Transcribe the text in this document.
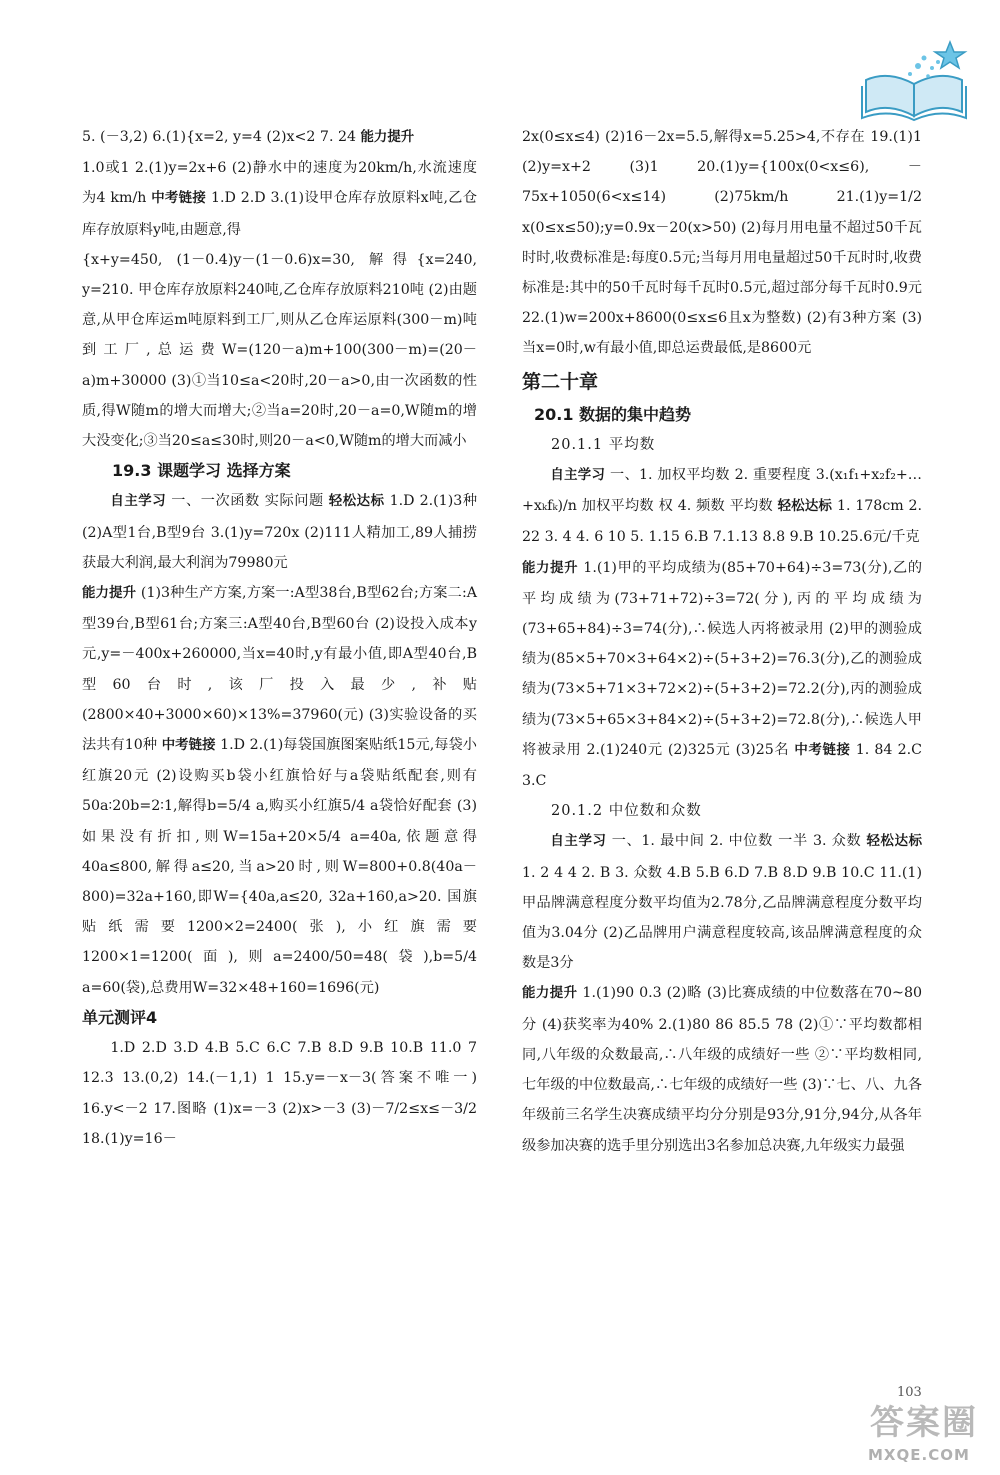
5. (－3,2) 6.(1){x=2, y=4 (2)x<2 7. 24 能力提升

1.0或1 2.(1)y=2x+6 (2)静水中的速度为20km/h,水流速度为4 km/h 中考链接 1.D 2.D 3.(1)设甲仓库存放原料x吨,乙仓库存放原料y吨,由题意,得

{x+y=450, (1－0.4)y－(1－0.6)x=30, 解得{x=240, y=210. 甲仓库存放原料240吨,乙仓库存放原料210吨 (2)由题意,从甲仓库运m吨原料到工厂,则从乙仓库运原料(300－m)吨到工厂,总运费W=(120－a)m+100(300－m)=(20－a)m+30000 (3)①当10≤a<20时,20－a>0,由一次函数的性质,得W随m的增大而增大;②当a=20时,20－a=0,W随m的增大没变化;③当20≤a≤30时,则20－a<0,W随m的增大而减小

19.3 课题学习 选择方案

自主学习 一、一次函数 实际问题 轻松达标 1.D 2.(1)3种 (2)A型1台,B型9台 3.(1)y=720x (2)111人精加工,89人捕捞获最大利润,最大利润为79980元

能力提升 (1)3种生产方案,方案一:A型38台,B型62台;方案二:A型39台,B型61台;方案三:A型40台,B型60台 (2)设投入成本y元,y=－400x+260000,当x=40时,y有最小值,即A型40台,B型60台时,该厂投入最少,补贴(2800×40+3000×60)×13%=37960(元) (3)实验设备的买法共有10种 中考链接 1.D 2.(1)每袋国旗图案贴纸15元,每袋小红旗20元 (2)设购买b袋小红旗恰好与a袋贴纸配套,则有50a∶20b=2∶1,解得b=5/4 a,购买小红旗5/4 a袋恰好配套 (3)如果没有折扣,则W=15a+20×5/4 a=40a,依题意得40a≤800,解得a≤20,当a>20时,则W=800+0.8(40a－800)=32a+160,即W={40a,a≤20, 32a+160,a>20. 国旗贴纸需要1200×2=2400(张),小红旗需要1200×1=1200(面),则a=2400/50=48(袋),b=5/4 a=60(袋),总费用W=32×48+160=1696(元)

单元测评4

1.D 2.D 3.D 4.B 5.C 6.C 7.B 8.D 9.B 10.B 11.0 7 12.3 13.(0,2) 14.(－1,1) 1 15.y=－x－3(答案不唯一) 16.y<－2 17.图略 (1)x=－3 (2)x>－3 (3)－7/2≤x≤－3/2 18.(1)y=16－

2x(0≤x≤4) (2)16－2x=5.5,解得x=5.25>4,不存在 19.(1)1 (2)y=x+2 (3)1 20.(1)y={100x(0<x≤6), －75x+1050(6<x≤14) (2)75km/h 21.(1)y=1/2 x(0≤x≤50);y=0.9x－20(x>50) (2)每月用电量不超过50千瓦时时,收费标准是:每度0.5元;当每月用电量超过50千瓦时时,收费标准是:其中的50千瓦时每千瓦时0.5元,超过部分每千瓦时0.9元 22.(1)w=200x+8600(0≤x≤6且x为整数) (2)有3种方案 (3)当x=0时,w有最小值,即总运费最低,是8600元

第二十章

20.1 数据的集中趋势

20.1.1 平均数

自主学习 一、1. 加权平均数 2. 重要程度 3.(x₁f₁+x₂f₂+…+xₖfₖ)/n 加权平均数 权 4. 频数 平均数 轻松达标 1. 178cm 2. 22 3. 4 4. 6 10 5. 1.15 6.B 7.1.13 8.8 9.B 10.25.6元/千克

能力提升 1.(1)甲的平均成绩为(85+70+64)÷3=73(分),乙的平均成绩为(73+71+72)÷3=72(分),丙的平均成绩为(73+65+84)÷3=74(分),∴候选人丙将被录用 (2)甲的测验成绩为(85×5+70×3+64×2)÷(5+3+2)=76.3(分),乙的测验成绩为(73×5+71×3+72×2)÷(5+3+2)=72.2(分),丙的测验成绩为(73×5+65×3+84×2)÷(5+3+2)=72.8(分),∴候选人甲将被录用 2.(1)240元 (2)325元 (3)25名 中考链接 1. 84 2.C 3.C

20.1.2 中位数和众数

自主学习 一、1. 最中间 2. 中位数 一半 3. 众数 轻松达标 1. 2 4 4 2. B 3. 众数 4.B 5.B 6.D 7.B 8.D 9.B 10.C 11.(1)甲品牌满意程度分数平均值为2.78分,乙品牌满意程度分数平均值为3.04分 (2)乙品牌用户满意程度较高,该品牌满意程度的众数是3分

能力提升 1.(1)90 0.3 (2)略 (3)比赛成绩的中位数落在70~80分 (4)获奖率为40% 2.(1)80 86 85.5 78 (2)①∵平均数都相同,八年级的众数最高,∴八年级的成绩好一些 ②∵平均数相同,七年级的中位数最高,∴七年级的成绩好一些 (3)∵七、八、九各年级前三名学生决赛成绩平均分分别是93分,91分,94分,从各年级参加决赛的选手里分别选出3名参加总决赛,九年级实力最强

103
答案圈
MXQE.COM
